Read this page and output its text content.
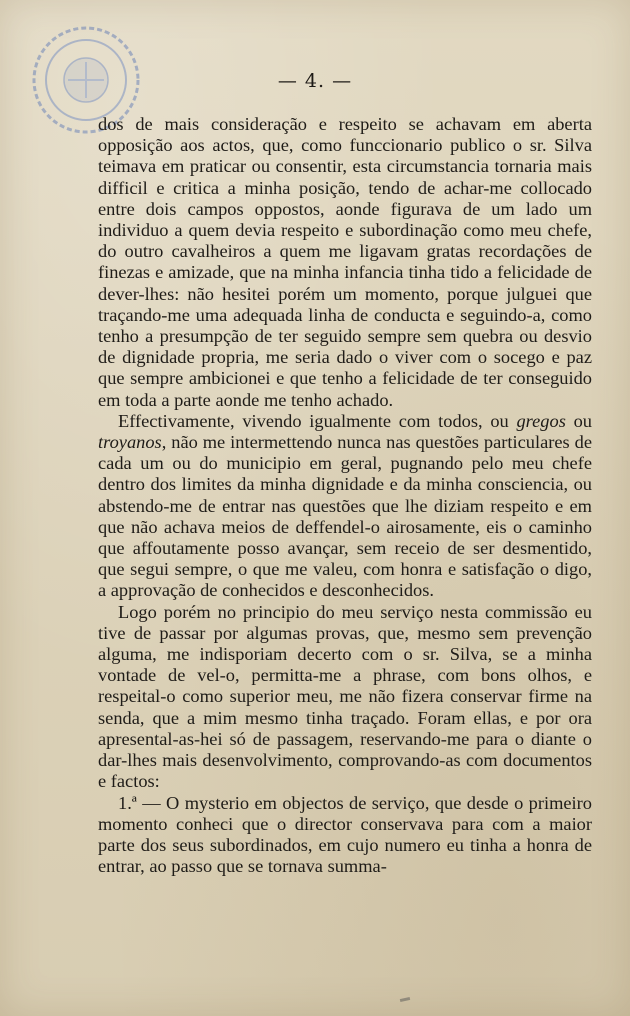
— 4. —

dos de mais consideração e respeito se achavam em aberta opposição aos actos, que, como funccionario publico o sr. Silva teimava em praticar ou consentir, esta circumstancia tornaria mais difficil e critica a minha posição, tendo de achar-me collocado entre dois campos oppostos, aonde figurava de um lado um individuo a quem devia respeito e subordinação como meu chefe, do outro cavalheiros a quem me ligavam gratas recordações de finezas e amizade, que na minha infancia tinha tido a felicidade de dever-lhes: não hesitei porém um momento, porque julguei que traçando-me uma adequada linha de conducta e seguindo-a, como tenho a presumpção de ter seguido sempre sem quebra ou desvio de dignidade propria, me seria dado o viver com o socego e paz que sempre ambicionei e que tenho a felicidade de ter conseguido em toda a parte aonde me tenho achado.

Effectivamente, vivendo igualmente com todos, ou gregos ou troyanos, não me intermettendo nunca nas questões particulares de cada um ou do municipio em geral, pugnando pelo meu chefe dentro dos limites da minha dignidade e da minha consciencia, ou abstendo-me de entrar nas questões que lhe diziam respeito e em que não achava meios de deffendel-o airosamente, eis o caminho que affoutamente posso avançar, sem receio de ser desmentido, que segui sempre, o que me valeu, com honra e satisfação o digo, a approvação de conhecidos e desconhecidos.

Logo porém no principio do meu serviço nesta commissão eu tive de passar por algumas provas, que, mesmo sem prevenção alguma, me indisporiam decerto com o sr. Silva, se a minha vontade de vel-o, permitta-me a phrase, com bons olhos, e respeital-o como superior meu, me não fizera conservar firme na senda, que a mim mesmo tinha traçado. Foram ellas, e por ora apresental-as-hei só de passagem, reservando-me para o diante o dar-lhes mais desenvolvimento, comprovando-as com documentos e factos:

1.ª — O mysterio em objectos de serviço, que desde o primeiro momento conheci que o director conservava para com a maior parte dos seus subordinados, em cujo numero eu tinha a honra de entrar, ao passo que se tornava summa-
